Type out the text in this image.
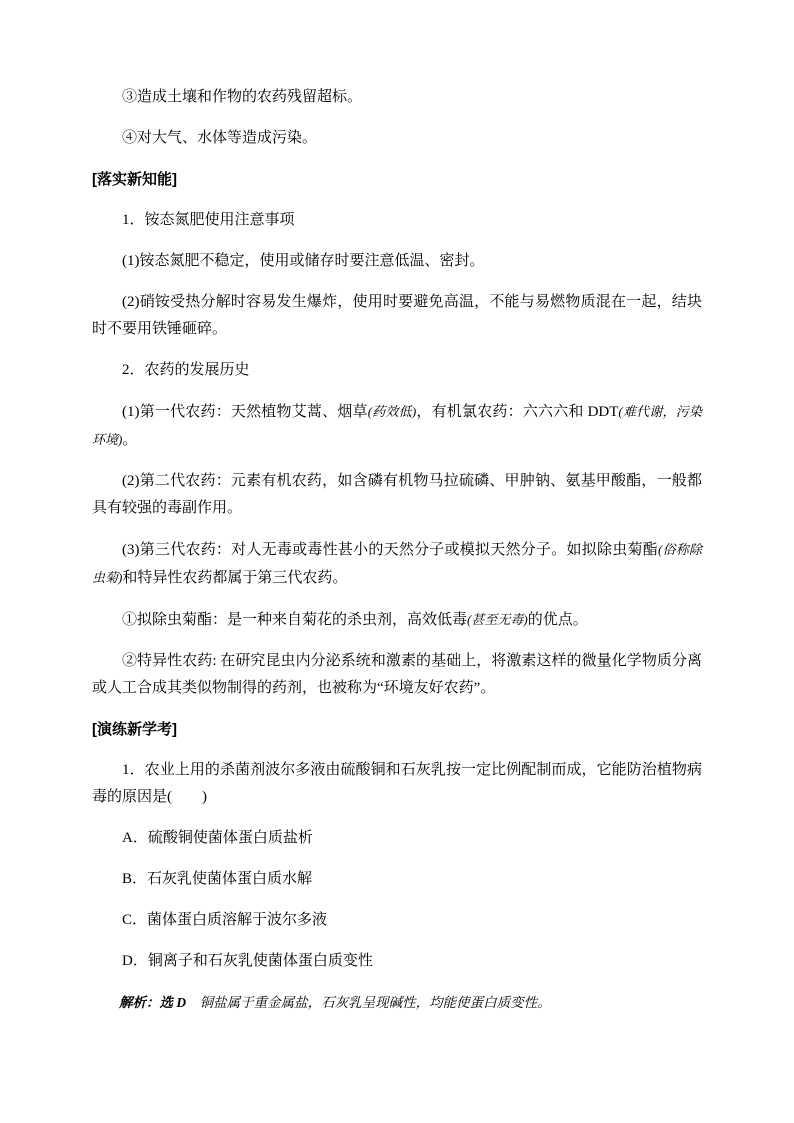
③造成土壤和作物的农药残留超标。

④对大气、水体等造成污染。

[落实新知能]

1．铵态氮肥使用注意事项

(1)铵态氮肥不稳定，使用或储存时要注意低温、密封。

(2)硝铵受热分解时容易发生爆炸，使用时要避免高温，不能与易燃物质混在一起，结块时不要用铁锤砸碎。

2．农药的发展历史

(1)第一代农药：天然植物艾蒿、烟草(药效低)，有机氯农药：六六六和 DDT(难代谢，污染环境)。

(2)第二代农药：元素有机农药，如含磷有机物马拉硫磷、甲肿钠、氨基甲酸酯，一般都具有较强的毒副作用。

(3)第三代农药：对人无毒或毒性甚小的天然分子或模拟天然分子。如拟除虫菊酯(俗称除虫菊)和特异性农药都属于第三代农药。

①拟除虫菊酯：是一种来自菊花的杀虫剂，高效低毒(甚至无毒)的优点。

②特异性农药: 在研究昆虫内分泌系统和激素的基础上，将激素这样的微量化学物质分离或人工合成其类似物制得的药剂，也被称为“环境友好农药”。

[演练新学考]

1．农业上用的杀菌剂波尔多液由硫酸铜和石灰乳按一定比例配制而成，它能防治植物病毒的原因是(　　)

A．硫酸铜使菌体蛋白质盐析

B．石灰乳使菌体蛋白质水解

C．菌体蛋白质溶解于波尔多液

D．铜离子和石灰乳使菌体蛋白质变性

解析：选 D 铜盐属于重金属盐，石灰乳呈现碱性，均能使蛋白质变性。
